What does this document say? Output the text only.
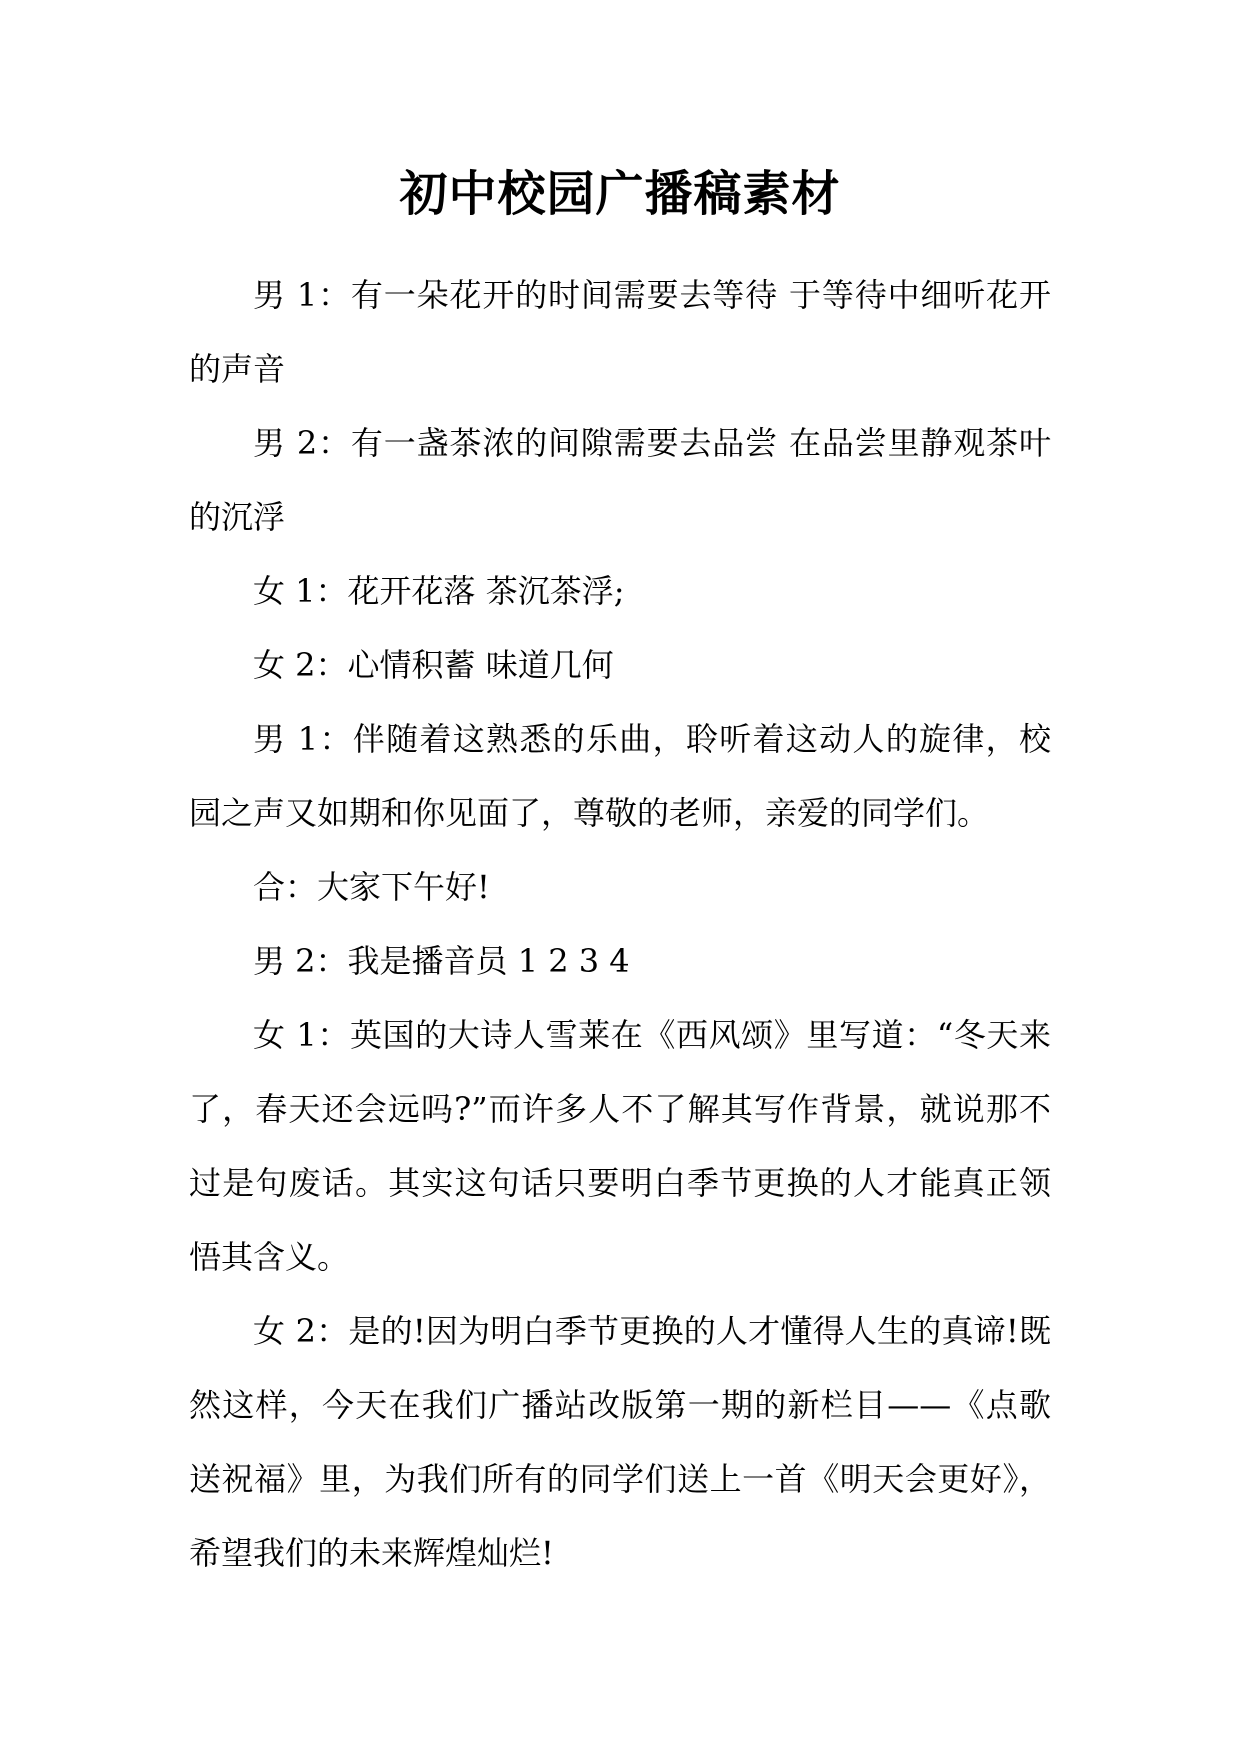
初中校园广播稿素材

男 1：有一朵花开的时间需要去等待 于等待中细听花开的声音

男 2：有一盏茶浓的间隙需要去品尝 在品尝里静观茶叶的沉浮

女 1：花开花落 茶沉茶浮;

女 2：心情积蓄 味道几何

男 1：伴随着这熟悉的乐曲，聆听着这动人的旋律，校园之声又如期和你见面了，尊敬的老师，亲爱的同学们。

合：大家下午好!

男 2：我是播音员 1 2 3 4

女 1：英国的大诗人雪莱在《西风颂》里写道：“冬天来了，春天还会远吗?”而许多人不了解其写作背景，就说那不过是句废话。其实这句话只要明白季节更换的人才能真正领悟其含义。

女 2：是的!因为明白季节更换的人才懂得人生的真谛!既然这样，今天在我们广播站改版第一期的新栏目——《点歌送祝福》里，为我们所有的同学们送上一首《明天会更好》，希望我们的未来辉煌灿烂!
